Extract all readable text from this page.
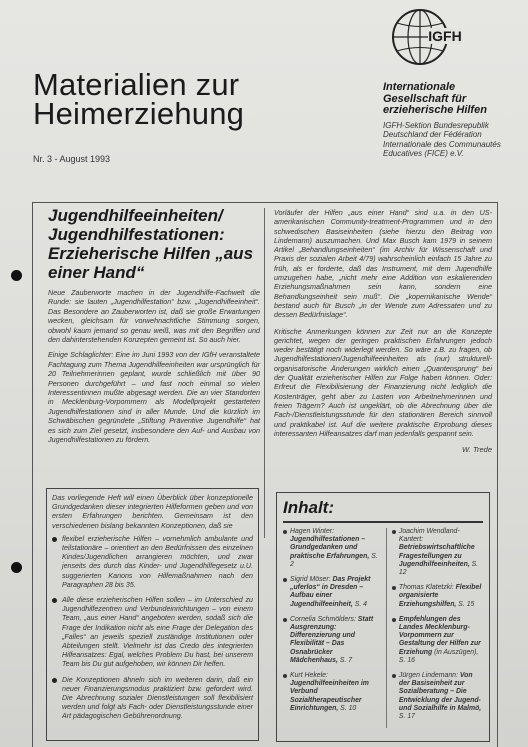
IGFH
Materialien zur Heimerziehung
Nr. 3 - August 1993
Internationale Gesellschaft für erzieherische Hilfen
IGFH-Sektion Bundesrepublik Deutschland der Fédération Internationale des Communautés Educatives (FICE) e.V.
Jugendhilfeeinheiten/ Jugendhilfestationen: Erzieherische Hilfen „aus einer Hand“

Neue Zauberworte machen in der Jugendhilfe-Fachwelt die Runde: sie lauten „Jugendhilfestation“ bzw. „Jugendhilfeeinheit“. Das Besondere an Zauberworten ist, daß sie große Erwartungen wecken, gleichsam für vorwehnachtliche Stimmung sorgen, obwohl kaum jemand so genau weiß, was mit den Begriffen und den dahinterstehenden Konzepten gemeint ist. So auch hier.

Einige Schlaglichter: Eine im Juni 1993 von der IGfH veranstaltete Fachtagung zum Thema Jugendhilfeeinheiten war ursprünglich für 20 Teilnehmerinnen geplant, wurde schließlich mit über 90 Personen durchgeführt – und fast noch einmal so vielen Interessentinnen mußte abgesagt werden. Die an vier Standorten in Mecklenburg-Vorpommern als Modellprojekt gestarteten Jugendhilfestationen sind in aller Munde. Und die kürzlich im Schwäbischen gegründete „Stiftung Präventive Jugendhilfe“ hat es sich zum Ziel gesetzt, insbesondere den Auf- und Ausbau von Jugendhilfestationen zu fördern.

Das vorliegende Heft will einen Überblick über konzeptionelle Grundgedanken dieser integrierten Hilfeformen geben und von ersten Erfahrungen berichten. Gemeinsam ist den verschiedenen bislang bekannten Konzeptionen, daß sie

flexibel erzieherische Hilfen – vornehmlich ambulante und teilstationäre – orientiert an den Bedürfnissen des einzelnen Kindes/Jugendlichen arrangieren möchten, und zwar jenseits des durch das Kinder- und Jugendhilfegesetz u.U. suggerierten Kanons von Hilfemaßnahmen nach den Paragraphen 28 bis 35.
Alle diese erzieherischen Hilfen sollen – im Unterschied zu Jugendhilfezentren und Verbundeinrichtungen – von einem Team, „aus einer Hand“ angeboten werden, sodaß sich die Frage der Indikation nicht als eine Frage der Delegation des „Falles“ an jeweils speziell zuständige Institutionen oder Abteilungen stellt. Vielmehr ist das Credo des integrierten Hilfeansatzes: Egal, welches Problem Du hast, bei unserem Team bis Du gut aufgehoben, wir können Dir helfen.
Die Konzeptionen ähneln sich im weiteren darin, daß ein neuer Finanzierungsmodus praktiziert bzw. gefordert wird. Die Abrechnung sozialer Dienstleistungen soll flexibilisiert werden und folgt als Fach- oder Dienstleistungsstunde einer Art pädagogischen Gebührenordnung.

Vorläufer der Hilfen „aus einer Hand“ sind u.a. in den US-amerikanischen Community-treatment-Programmen und in den schwedischen Basiseinheiten (siehe hierzu den Beitrag von Lindemann) auszumachen. Und Max Busch kam 1979 in seinem Artikel „Behandlungseinheiten“ (im Archiv für Wissenschaft und Praxis der sozialen Arbeit 4/79) wahrscheinlich einfach 15 Jahre zu früh, als er forderte, daß das Instrument, mit dem Jugendhilfe umzugehen habe, „nicht mehr eine Addition von eskalierenden Erziehungsmaßnahmen sein kann, sondern eine Behandlungseinheit sein muß“. Die „kopernikanische Wende“ bestand auch für Busch „in der Wende zum Adressaten und zu dessen Bedürfnislage“.

Kritische Anmerkungen können zur Zeit nur an die Konzepte gerichtet, wegen der geringen praktischen Erfahrungen jedoch weder bestätigt noch widerlegt werden. So wäre z.B. zu fragen, ob Jugendhilfestationen/Jugendhilfeeinheiten als (nur) strukturell-organisatorische Änderungen wirklich einen „Quantensprung“ bei der Qualität erzieherischer Hilfen zur Folge haben können. Oder: Erfreut die Flexibilisierung der Finanzierung nicht lediglich die Kostenträger, geht aber zu Lasten von Arbeitnehmerinnen und freien Trägern? Auch ist ungeklärt, ob die Abrechnung über die Fach-/Dienstleistungsstunde für den stationären Bereich sinnvoll und praktikabel ist. Auf die weitere praktische Erprobung dieses interessanten Hilfeansatzes darf man jedenfalls gespannt sein.

W. Trede
Inhalt:
Hagen Winter: Jugendhilfestationen – Grundgedanken und praktische Erfahrungen, S. 2
Sigrid Möser: Das Projekt „uferlos“ in Dresden – Aufbau einer Jugendhilfeeinheit, S. 4
Cornelia Schmölders: Statt Ausgrenzung: Differenzierung und Flexibilität – Das Osnabrücker Mädchenhaus, S. 7
Kurt Hekele: Jugendhilfeeinheiten im Verbund Sozialtherapeutischer Einrichtungen, S. 10
Joachim Wendland-Kantert: Betriebswirtschaftliche Fragestellungen zu Jugendhilfeeinheiten, S. 12
Thomas Klatetzki: Flexibel organisierte Erziehungshilfen, S. 15
Empfehlungen des Landes Mecklenburg-Vorpommern zur Gestaltung der Hilfen zur Erziehung (in Auszügen), S. 16
Jürgen Lindemann: Von der Basiseinheit zur Sozialberatung – Die Entwicklung der Jugend- und Sozialhilfe in Malmö, S. 17
